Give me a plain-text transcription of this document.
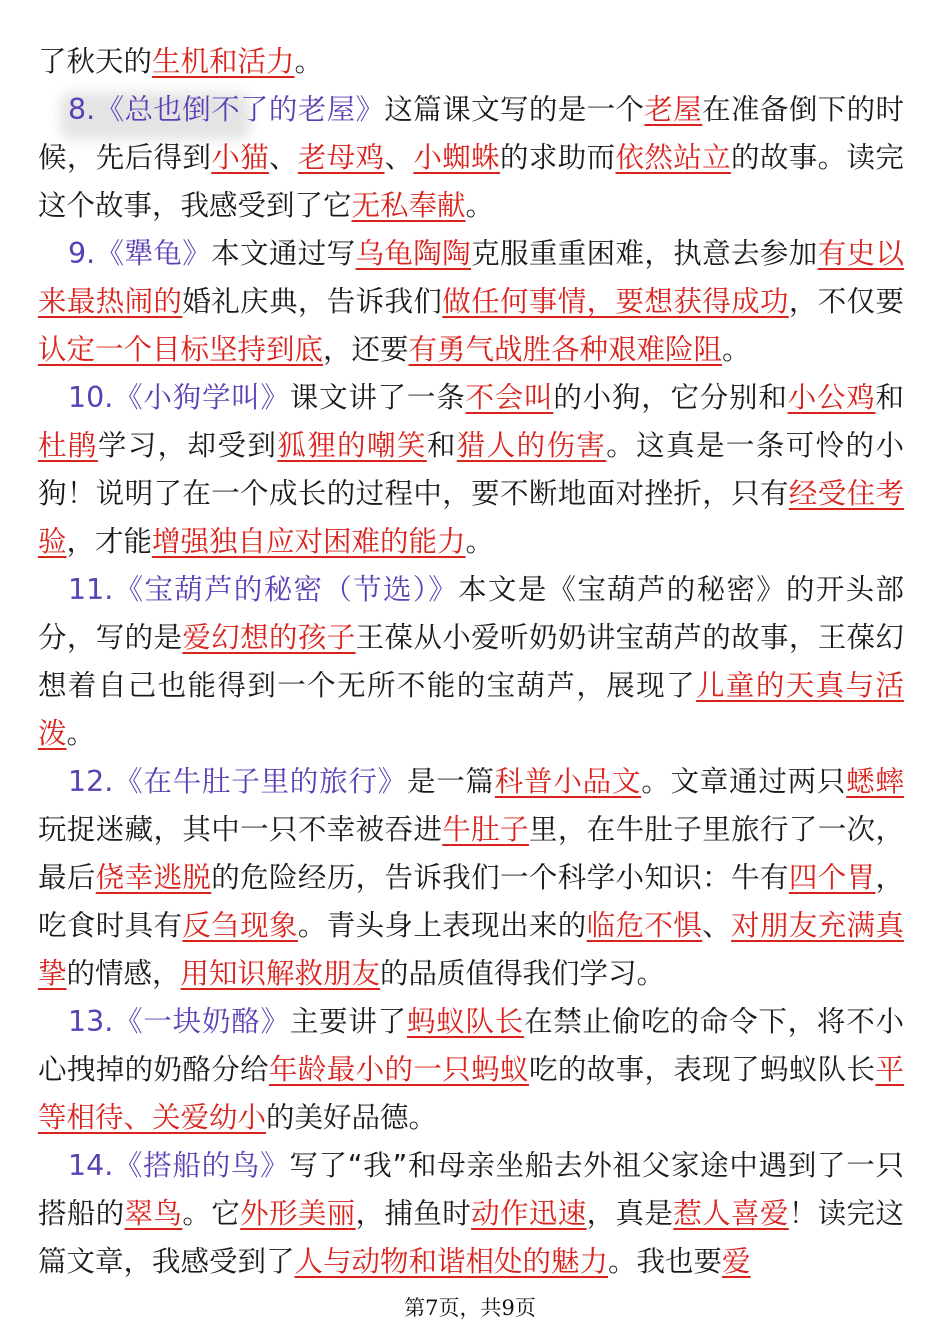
了秋天的生机和活力。

8.《总也倒不了的老屋》这篇课文写的是一个老屋在准备倒下的时候，先后得到小猫、老母鸡、小蜘蛛的求助而依然站立的故事。读完这个故事，我感受到了它无私奉献。

9.《犟龟》本文通过写乌龟陶陶克服重重困难，执意去参加有史以来最热闹的婚礼庆典，告诉我们做任何事情，要想获得成功，不仅要认定一个目标坚持到底，还要有勇气战胜各种艰难险阻。

10.《小狗学叫》课文讲了一条不会叫的小狗，它分别和小公鸡和杜鹃学习，却受到狐狸的嘲笑和猎人的伤害。这真是一条可怜的小狗！说明了在一个成长的过程中，要不断地面对挫折，只有经受住考验，才能增强独自应对困难的能力。

11.《宝葫芦的秘密（节选）》本文是《宝葫芦的秘密》的开头部分，写的是爱幻想的孩子王葆从小爱听奶奶讲宝葫芦的故事，王葆幻想着自己也能得到一个无所不能的宝葫芦，展现了儿童的天真与活泼。

12.《在牛肚子里的旅行》是一篇科普小品文。文章通过两只蟋蟀玩捉迷藏，其中一只不幸被吞进牛肚子里，在牛肚子里旅行了一次，最后侥幸逃脱的危险经历，告诉我们一个科学小知识：牛有四个胃，吃食时具有反刍现象。青头身上表现出来的临危不惧、对朋友充满真挚的情感，用知识解救朋友的品质值得我们学习。

13.《一块奶酪》主要讲了蚂蚁队长在禁止偷吃的命令下，将不小心拽掉的奶酪分给年龄最小的一只蚂蚁吃的故事，表现了蚂蚁队长平等相待、关爱幼小的美好品德。

14.《搭船的鸟》写了“我”和母亲坐船去外祖父家途中遇到了一只搭船的翠鸟。它外形美丽，捕鱼时动作迅速，真是惹人喜爱！读完这篇文章，我感受到了人与动物和谐相处的魅力。我也要爱

第7页，共9页
